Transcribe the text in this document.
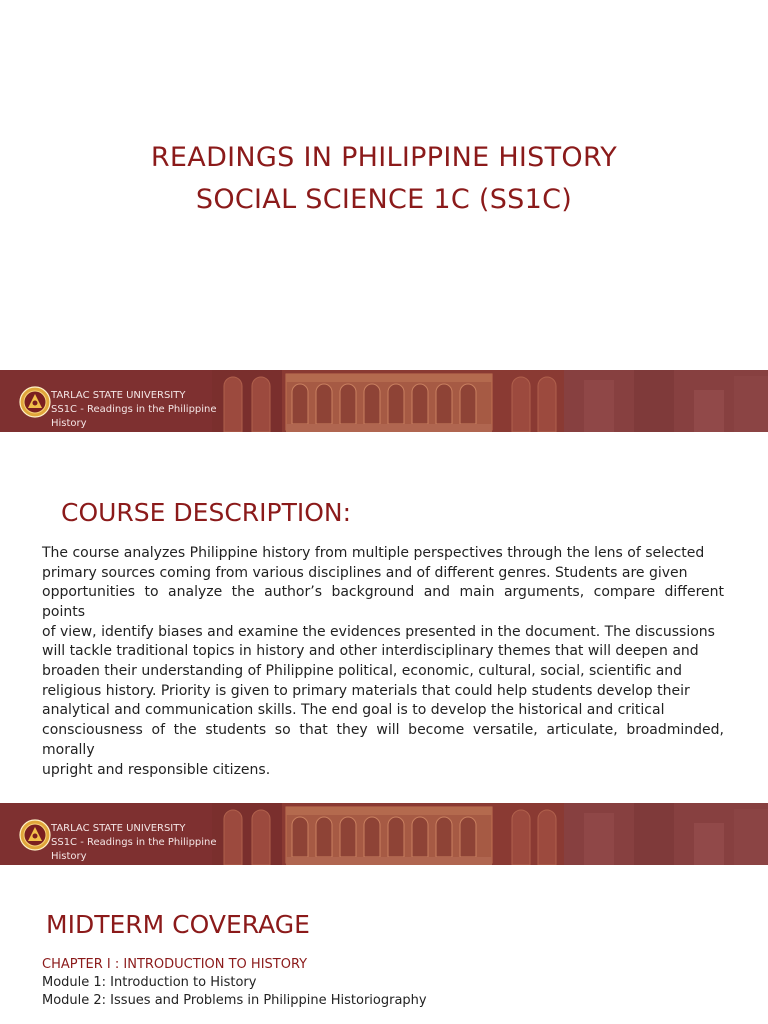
READINGS IN PHILIPPINE HISTORY
SOCIAL SCIENCE 1C (SS1C)
TARLAC STATE UNIVERSITY
SS1C - Readings in the Philippine
History
COURSE DESCRIPTION:
The course analyzes Philippine history from multiple perspectives through the lens of selected
primary sources coming from various disciplines and of different genres. Students are given
opportunities to analyze the author’s background and main arguments, compare different
points
of view, identify biases and examine the evidences presented in the document. The discussions
will tackle traditional topics in history and other interdisciplinary themes that will deepen and
broaden their understanding of Philippine political, economic, cultural, social, scientific and
religious history. Priority is given to primary materials that could help students develop their
analytical and communication skills. The end goal is to develop the historical and critical
consciousness of the students so that they will become versatile, articulate, broadminded,
morally
upright and responsible citizens.
TARLAC STATE UNIVERSITY
SS1C - Readings in the Philippine
History
MIDTERM COVERAGE
CHAPTER I : INTRODUCTION TO HISTORY
Module 1: Introduction to History
Module 2: Issues and Problems in Philippine Historiography
